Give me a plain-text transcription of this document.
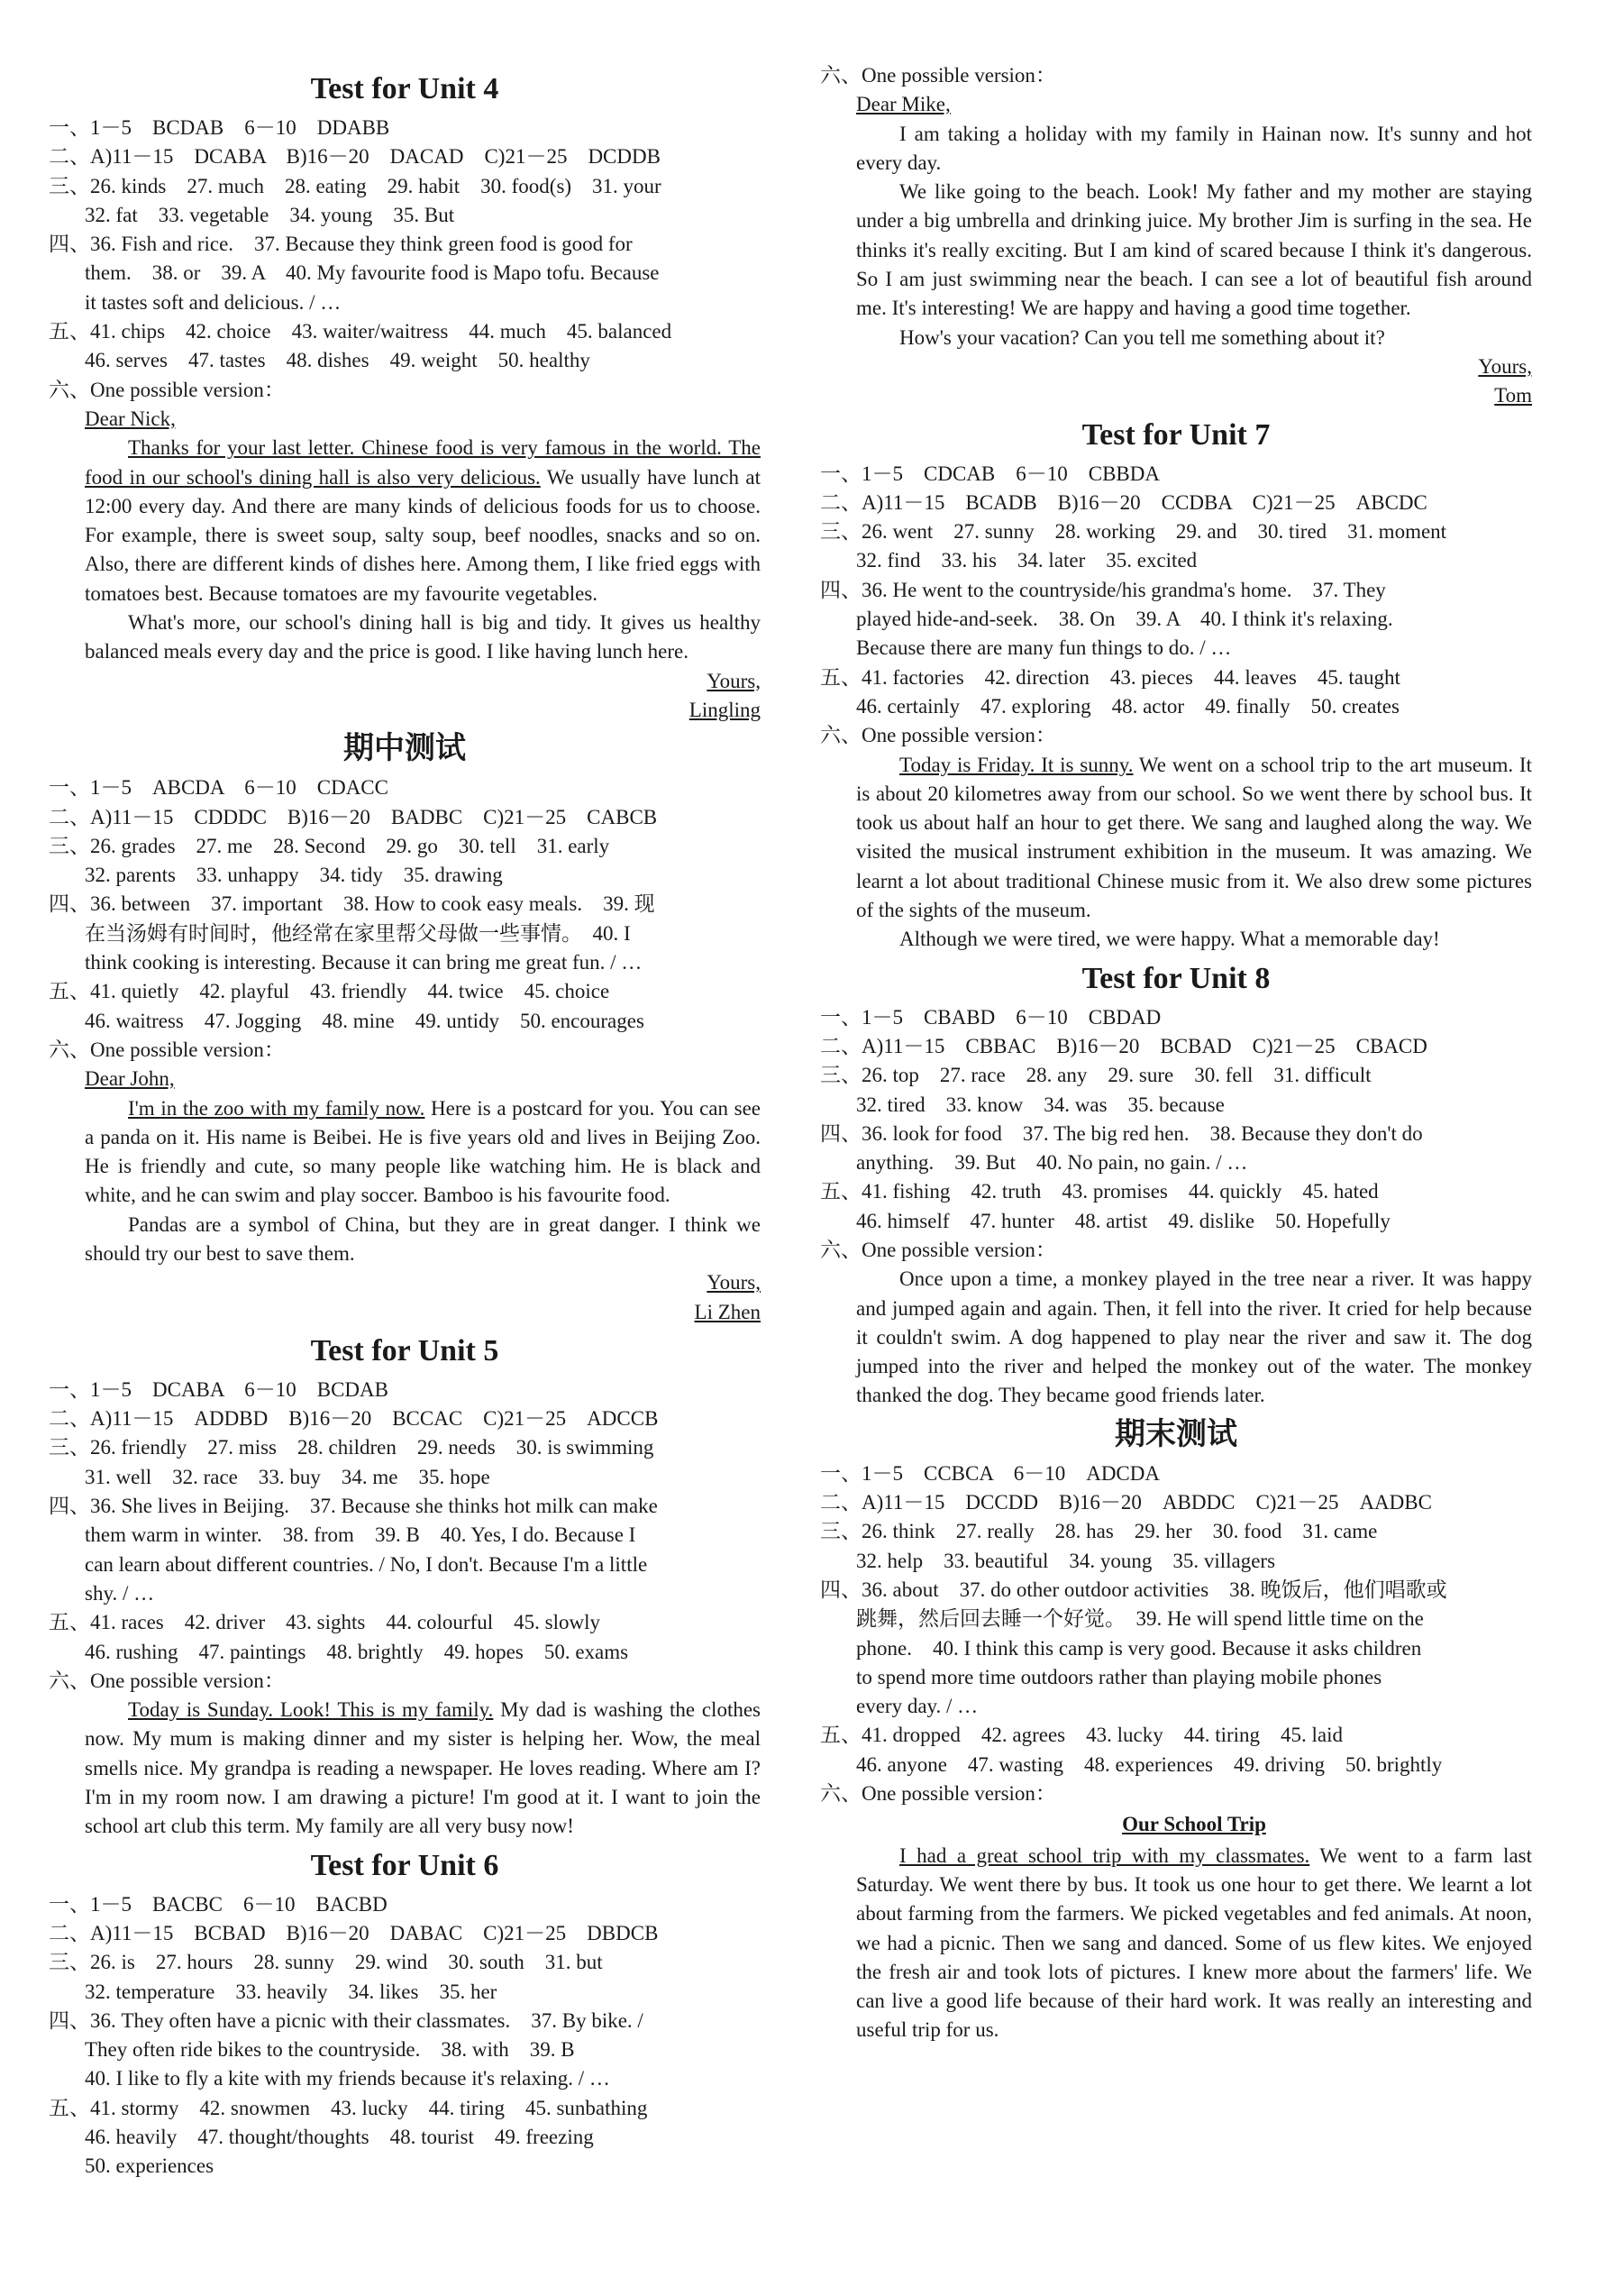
Test for Unit 4

一、1－5　BCDAB　6－10　DDABB

二、A)11－15　DCABA　B)16－20　DACAD　C)21－25　DCDDB

三、26. kinds　27. much　28. eating　29. habit　30. food(s)　31. your

32. fat　33. vegetable　34. young　35. But

四、36. Fish and rice.　37. Because they think green food is good for

them.　38. or　39. A　40. My favourite food is Mapo tofu. Because

it tastes soft and delicious. / …

五、41. chips　42. choice　43. waiter/waitress　44. much　45. balanced

46. serves　47. tastes　48. dishes　49. weight　50. healthy

六、One possible version：

Dear Nick,

Thanks for your last letter. Chinese food is very famous in the world. The food in our school's dining hall is also very delicious. We usually have lunch at 12:00 every day. And there are many kinds of delicious foods for us to choose. For example, there is sweet soup, salty soup, beef noodles, snacks and so on. Also, there are different kinds of dishes here. Among them, I like fried eggs with tomatoes best. Because tomatoes are my favourite vegetables.

What's more, our school's dining hall is big and tidy. It gives us healthy balanced meals every day and the price is good. I like having lunch here.

Yours,

Lingling

期中测试

一、1－5　ABCDA　6－10　CDACC

二、A)11－15　CDDDC　B)16－20　BADBC　C)21－25　CABCB

三、26. grades　27. me　28. Second　29. go　30. tell　31. early

32. parents　33. unhappy　34. tidy　35. drawing

四、36. between　37. important　38. How to cook easy meals.　39. 现

在当汤姆有时间时，他经常在家里帮父母做一些事情。　40. I

think cooking is interesting. Because it can bring me great fun. / …

五、41. quietly　42. playful　43. friendly　44. twice　45. choice

46. waitress　47. Jogging　48. mine　49. untidy　50. encourages

六、One possible version：

Dear John,

I'm in the zoo with my family now. Here is a postcard for you. You can see a panda on it. His name is Beibei. He is five years old and lives in Beijing Zoo. He is friendly and cute, so many people like watching him. He is black and white, and he can swim and play soccer. Bamboo is his favourite food.

Pandas are a symbol of China, but they are in great danger. I think we should try our best to save them.

Yours,

Li Zhen

Test for Unit 5

一、1－5　DCABA　6－10　BCDAB

二、A)11－15　ADDBD　B)16－20　BCCAC　C)21－25　ADCCB

三、26. friendly　27. miss　28. children　29. needs　30. is swimming

31. well　32. race　33. buy　34. me　35. hope

四、36. She lives in Beijing.　37. Because she thinks hot milk can make

them warm in winter.　38. from　39. B　40. Yes, I do. Because I

can learn about different countries. / No, I don't. Because I'm a little

shy. / …

五、41. races　42. driver　43. sights　44. colourful　45. slowly

46. rushing　47. paintings　48. brightly　49. hopes　50. exams

六、One possible version：

Today is Sunday. Look! This is my family. My dad is washing the clothes now. My mum is making dinner and my sister is helping her. Wow, the meal smells nice. My grandpa is reading a newspaper. He loves reading. Where am I? I'm in my room now. I am drawing a picture! I'm good at it. I want to join the school art club this term. My family are all very busy now!

Test for Unit 6

一、1－5　BACBC　6－10　BACBD

二、A)11－15　BCBAD　B)16－20　DABAC　C)21－25　DBDCB

三、26. is　27. hours　28. sunny　29. wind　30. south　31. but

32. temperature　33. heavily　34. likes　35. her

四、36. They often have a picnic with their classmates.　37. By bike. /

They often ride bikes to the countryside.　38. with　39. B

40. I like to fly a kite with my friends because it's relaxing. / …

五、41. stormy　42. snowmen　43. lucky　44. tiring　45. sunbathing

46. heavily　47. thought/thoughts　48. tourist　49. freezing

50. experiences

六、One possible version：

Dear Mike,

I am taking a holiday with my family in Hainan now. It's sunny and hot every day.

We like going to the beach. Look! My father and my mother are staying under a big umbrella and drinking juice. My brother Jim is surfing in the sea. He thinks it's really exciting. But I am kind of scared because I think it's dangerous. So I am just swimming near the beach. I can see a lot of beautiful fish around me. It's interesting! We are happy and having a good time together.

How's your vacation? Can you tell me something about it?

Yours,

Tom

Test for Unit 7

一、1－5　CDCAB　6－10　CBBDA

二、A)11－15　BCADB　B)16－20　CCDBA　C)21－25　ABCDC

三、26. went　27. sunny　28. working　29. and　30. tired　31. moment

32. find　33. his　34. later　35. excited

四、36. He went to the countryside/his grandma's home.　37. They

played hide-and-seek.　38. On　39. A　40. I think it's relaxing.

Because there are many fun things to do. / …

五、41. factories　42. direction　43. pieces　44. leaves　45. taught

46. certainly　47. exploring　48. actor　49. finally　50. creates

六、One possible version：

Today is Friday. It is sunny. We went on a school trip to the art museum. It is about 20 kilometres away from our school. So we went there by school bus. It took us about half an hour to get there. We sang and laughed along the way. We visited the musical instrument exhibition in the museum. It was amazing. We learnt a lot about traditional Chinese music from it. We also drew some pictures of the sights of the museum.

Although we were tired, we were happy. What a memorable day!

Test for Unit 8

一、1－5　CBABD　6－10　CBDAD

二、A)11－15　CBBAC　B)16－20　BCBAD　C)21－25　CBACD

三、26. top　27. race　28. any　29. sure　30. fell　31. difficult

32. tired　33. know　34. was　35. because

四、36. look for food　37. The big red hen.　38. Because they don't do

anything.　39. But　40. No pain, no gain. / …

五、41. fishing　42. truth　43. promises　44. quickly　45. hated

46. himself　47. hunter　48. artist　49. dislike　50. Hopefully

六、One possible version：

Once upon a time, a monkey played in the tree near a river. It was happy and jumped again and again. Then, it fell into the river. It cried for help because it couldn't swim. A dog happened to play near the river and saw it. The dog jumped into the river and helped the monkey out of the water. The monkey thanked the dog. They became good friends later.

期末测试

一、1－5　CCBCA　6－10　ADCDA

二、A)11－15　DCCDD　B)16－20　ABDDC　C)21－25　AADBC

三、26. think　27. really　28. has　29. her　30. food　31. came

32. help　33. beautiful　34. young　35. villagers

四、36. about　37. do other outdoor activities　38. 晚饭后，他们唱歌或

跳舞，然后回去睡一个好觉。　39. He will spend little time on the

phone.　40. I think this camp is very good. Because it asks children

to spend more time outdoors rather than playing mobile phones

every day. / …

五、41. dropped　42. agrees　43. lucky　44. tiring　45. laid

46. anyone　47. wasting　48. experiences　49. driving　50. brightly

六、One possible version：

Our School Trip

I had a great school trip with my classmates. We went to a farm last Saturday. We went there by bus. It took us one hour to get there. We learnt a lot about farming from the farmers. We picked vegetables and fed animals. At noon, we had a picnic. Then we sang and danced. Some of us flew kites. We enjoyed the fresh air and took lots of pictures. I knew more about the farmers' life. We can live a good life because of their hard work. It was really an interesting and useful trip for us.
